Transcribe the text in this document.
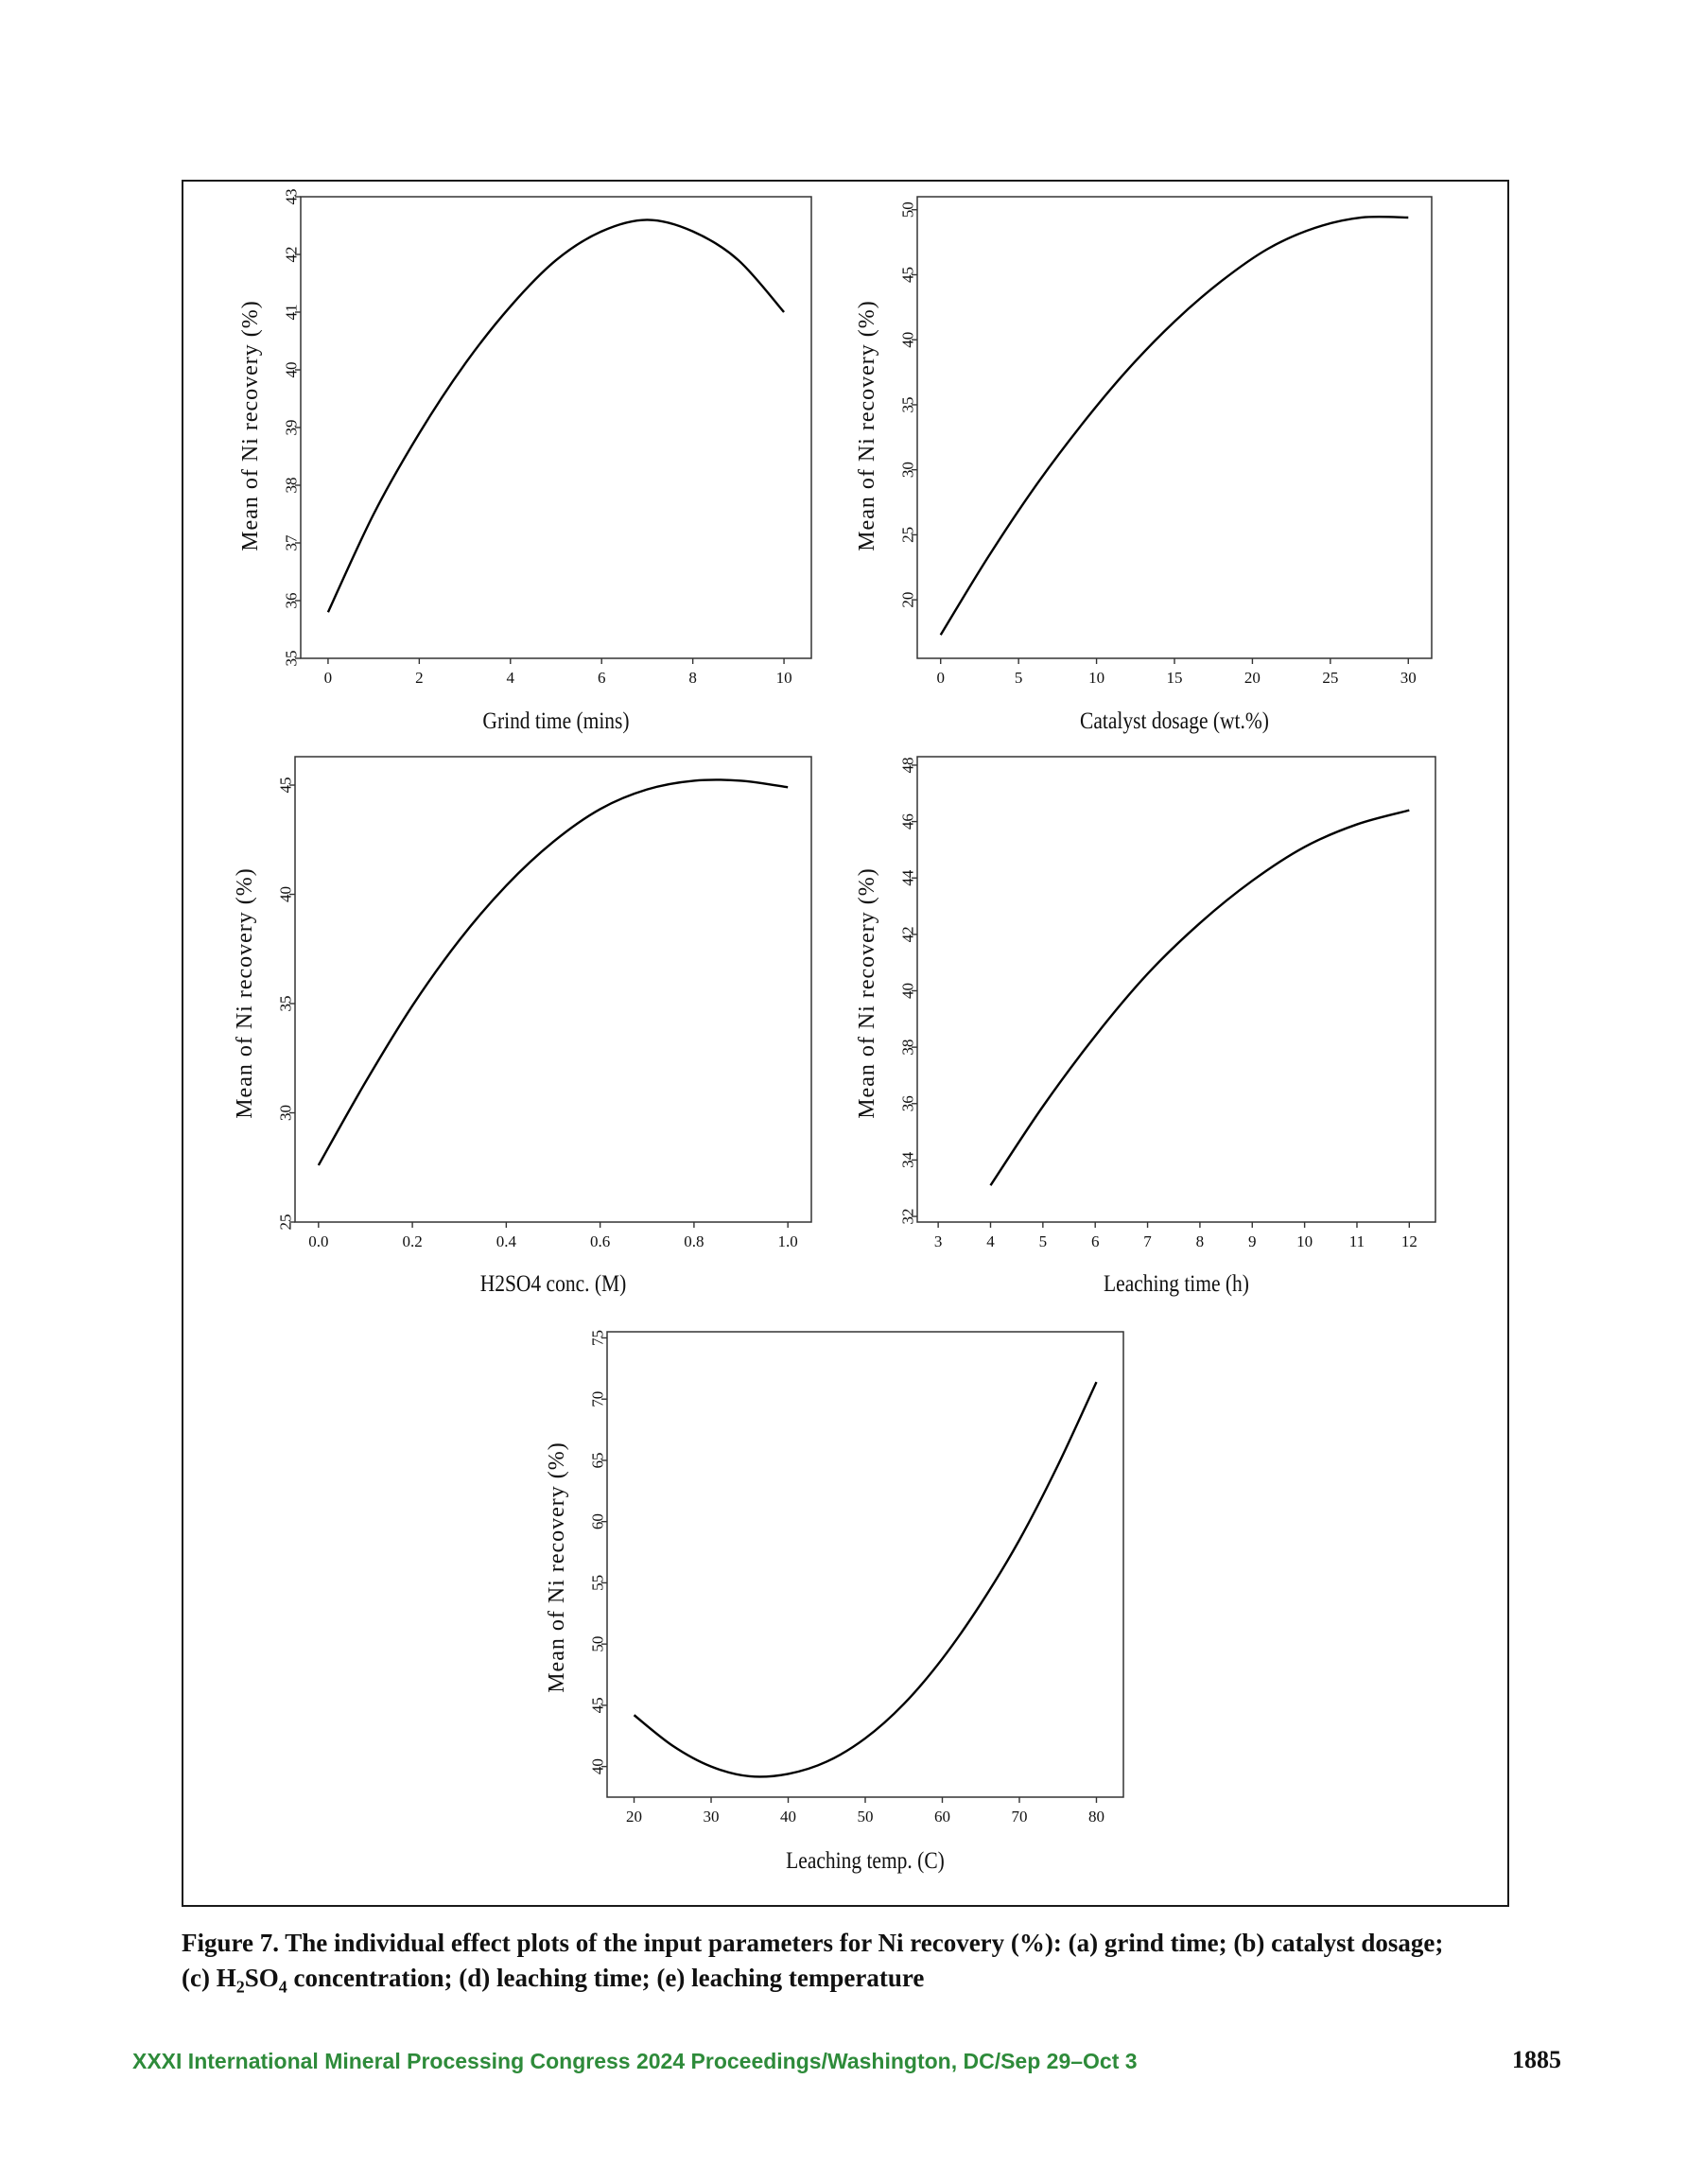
35
36
37
38
39
40
41
42
43
0	2	4	6	8	10
Grind time (mins)
Mean of Ni recovery (%)
20
25
30
35
40
45
50
0	5	10	15	20	25	30
Catalyst dosage (wt.%)
Mean of Ni recovery (%)
25
30
35
40
45
0.0	0.2	0.4	0.6	0.8	1.0
H2SO4 conc. (M)
Mean of Ni recovery (%)
32
34
36
38
40
42
44
46
48
3	4	5	6	7	8	9	10 11 12
Leaching time (h)
Mean of Ni recovery (%)
40
45
50
55
60
65
70
75
20	30	40	50	60	70	80
Leaching temp. (C)
Mean of Ni recovery (%)

Figure 7. The individual effect plots of the input parameters for Ni recovery (%): (a) grind time; (b) catalyst dosage;
(c) $H_2SO_4$ concentration; (d) leaching time; (e) leaching temperature

XXXI International Mineral Processing Congress 2024 Proceedings/Washington, DC/Sep 29–Oct 3	1885
